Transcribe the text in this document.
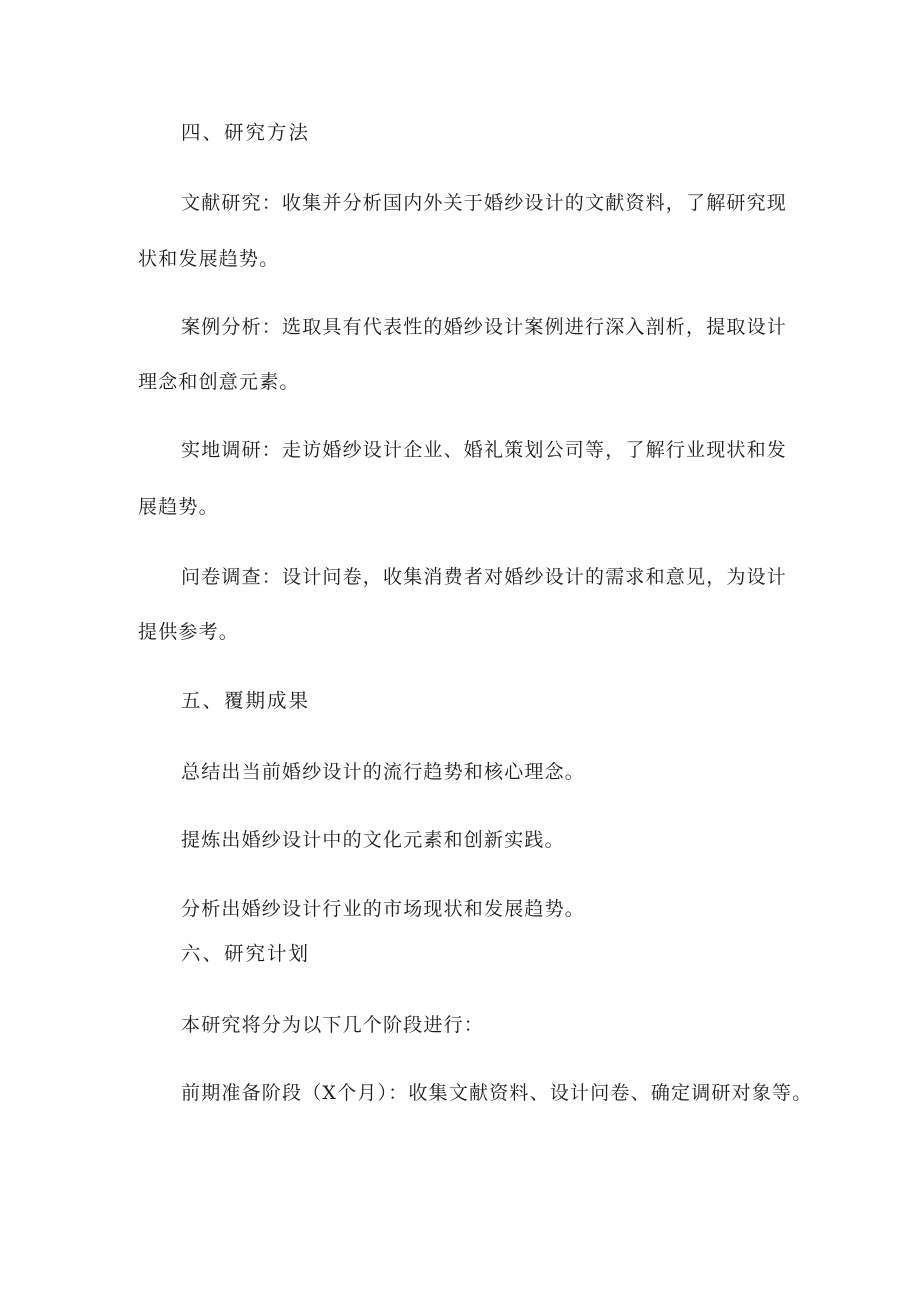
四、研究方法
文献研究：收集并分析国内外关于婚纱设计的文献资料，了解研究现
状和发展趋势。
案例分析：选取具有代表性的婚纱设计案例进行深入剖析，提取设计
理念和创意元素。
实地调研：走访婚纱设计企业、婚礼策划公司等，了解行业现状和发
展趋势。
问卷调查：设计问卷，收集消费者对婚纱设计的需求和意见，为设计
提供参考。
五、覆期成果
总结出当前婚纱设计的流行趋势和核心理念。
提炼出婚纱设计中的文化元素和创新实践。
分析出婚纱设计行业的市场现状和发展趋势。
六、研究计划
本研究将分为以下几个阶段进行：
前期准备阶段（X个月）：收集文献资料、设计问卷、确定调研对象等。
